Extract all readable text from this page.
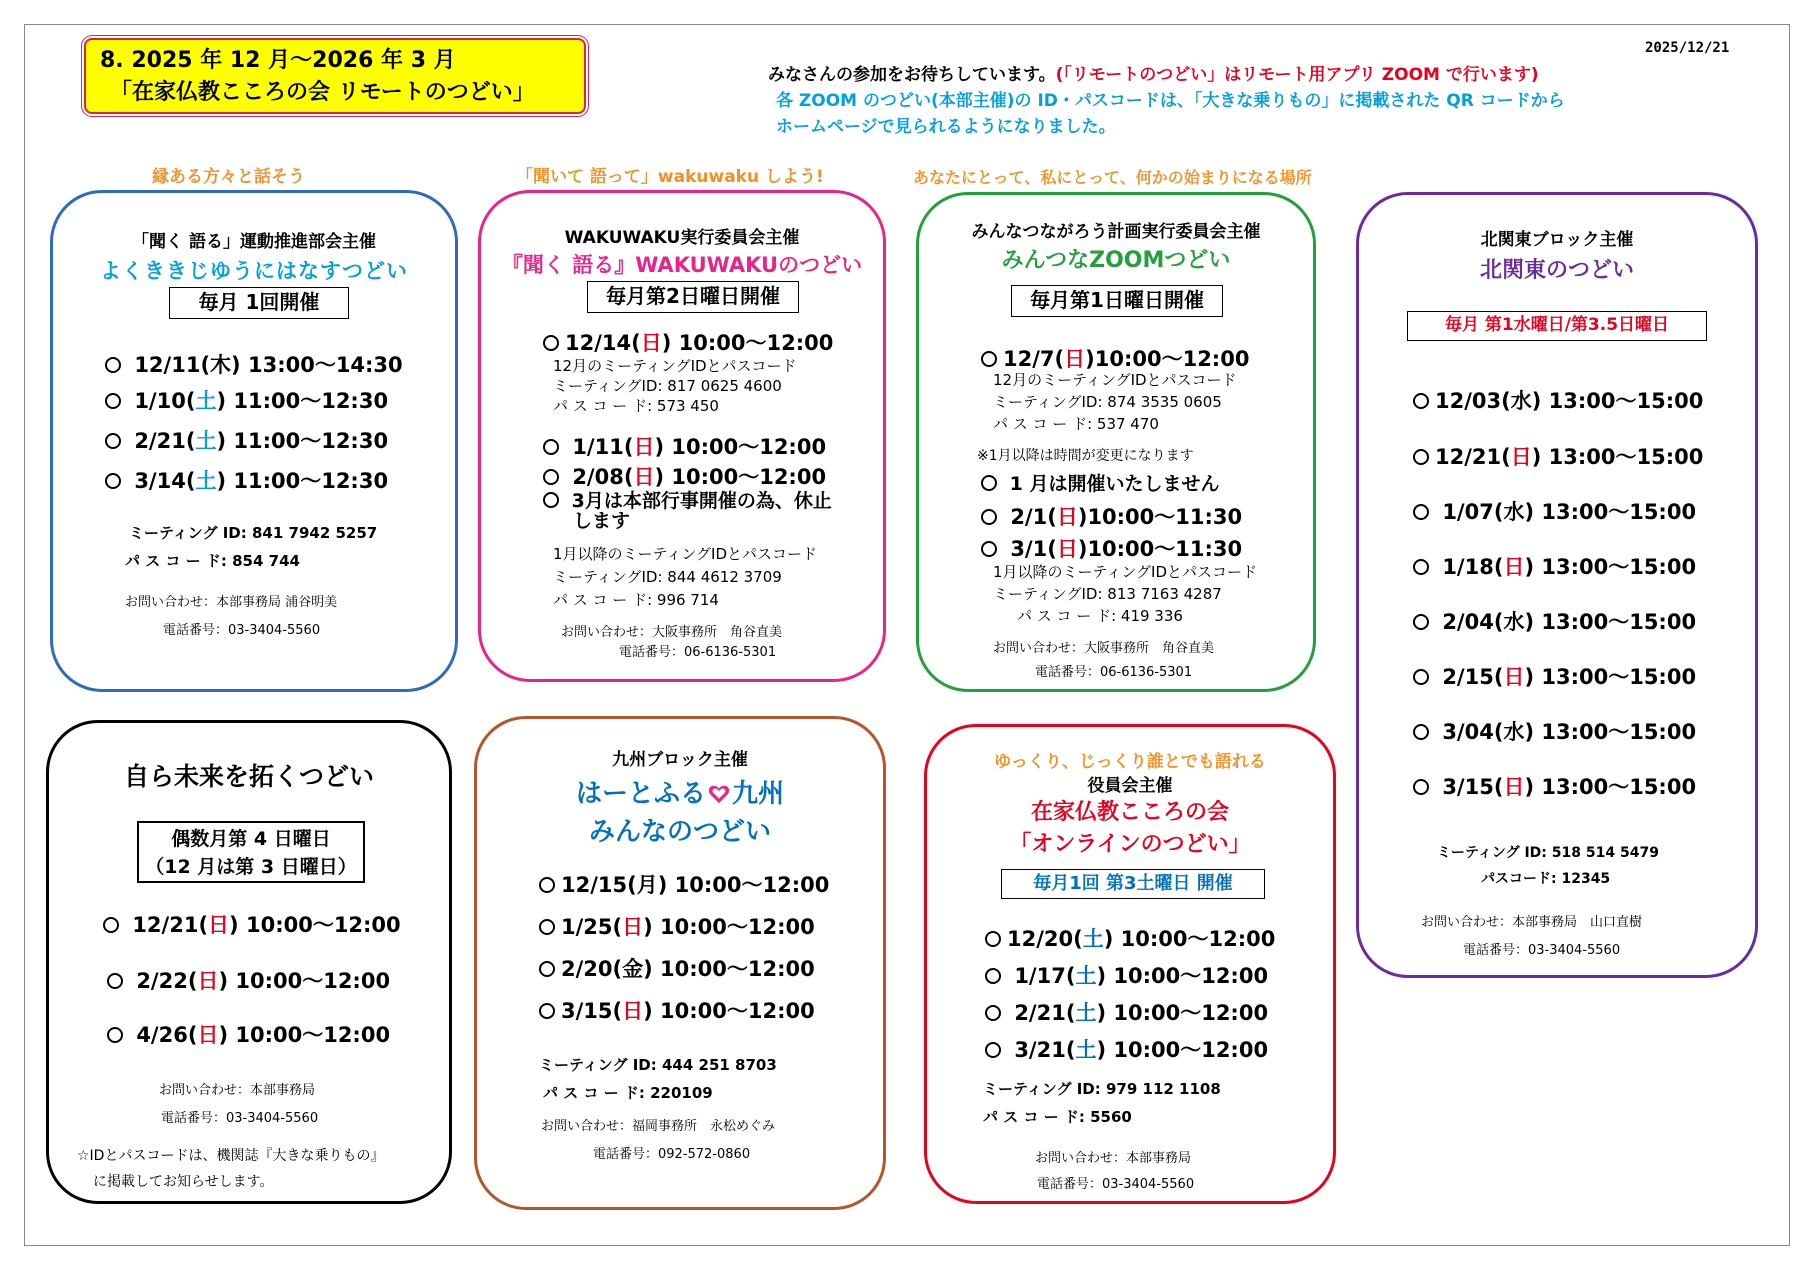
2025/12/21
8. 2025 年 12 月～2026 年 3 月
「在家仏教こころの会 リモートのつどい」
みなさんの参加をお待ちしています。(「リモートのつどい」はリモート用アプリ ZOOM で行います)
各 ZOOM のつどい(本部主催)の ID・パスコードは、「大きな乗りもの」に掲載された QR コードから
ホームページで見られるようになりました。
縁ある方々と話そう	「聞いて 語って」wakuwaku しよう!	あなたにとって、私にとって、何かの始まりになる場所
「聞く 語る」運動推進部会主催
よくききじゆうにはなすつどい
毎月 1回開催
12/11(木) 13:00～14:30
1/10(土) 11:00～12:30
2/21(土) 11:00～12:30
3/14(土) 11:00～12:30
ミーティング ID: 841 7942 5257
パ ス コ ー ド: 854 744
お問い合わせ：本部事務局 浦谷明美
電話番号：03-3404-5560
WAKUWAKU実行委員会主催
『聞く 語る』WAKUWAKUのつどい
毎月第2日曜日開催
12/14(日) 10:00～12:00
12月のミーティングIDとパスコード
ミーティングID: 817 0625 4600
パ ス コ ー ド: 573 450
1/11(日) 10:00～12:00
2/08(日) 10:00～12:00
3月は本部行事開催の為、休止
します
1月以降のミーティングIDとパスコード
ミーティングID: 844 4612 3709
パ ス コ ー ド: 996 714
お問い合わせ：大阪事務所　角谷直美
電話番号：06-6136-5301
みんなつながろう計画実行委員会主催
みんつなZOOMつどい
毎月第1日曜日開催
12/7(日)10:00～12:00
12月のミーティングIDとパスコード
ミーティングID: 874 3535 0605
パ ス コ ー ド: 537 470
※1月以降は時間が変更になります
1 月は開催いたしません
2/1(日)10:00～11:30
3/1(日)10:00～11:30
1月以降のミーティングIDとパスコード
ミーティングID: 813 7163 4287
パ ス コ ー ド: 419 336
お問い合わせ：大阪事務所　角谷直美
電話番号：06-6136-5301
北関東ブロック主催
北関東のつどい
毎月 第1水曜日/第3.5日曜日
12/03(水) 13:00～15:00
12/21(日) 13:00～15:00
1/07(水) 13:00～15:00
1/18(日) 13:00～15:00
2/04(水) 13:00～15:00
2/15(日) 13:00～15:00
3/04(水) 13:00～15:00
3/15(日) 13:00～15:00
ミーティング ID: 518 514 5479
パスコード: 12345
お問い合わせ：本部事務局　山口直樹
電話番号：03-3404-5560
自ら未来を拓くつどい
偶数月第 4 日曜日
（12 月は第 3 日曜日）
12/21(日) 10:00～12:00
2/22(日) 10:00～12:00
4/26(日) 10:00～12:00
お問い合わせ：本部事務局
電話番号：03-3404-5560
☆IDとパスコードは、機関誌『大きな乗りもの』
に掲載してお知らせします。
九州ブロック主催
はーとふる 九州
みんなのつどい
12/15(月) 10:00～12:00
1/25(日) 10:00～12:00
2/20(金) 10:00～12:00
3/15(日) 10:00～12:00
ミーティング ID: 444 251 8703
パ ス コ ー ド: 220109
お問い合わせ：福岡事務所　永松めぐみ
電話番号：092-572-0860
ゆっくり、じっくり誰とでも語れる
役員会主催
在家仏教こころの会
「オンラインのつどい」
毎月1回 第3土曜日 開催
12/20(土) 10:00～12:00
1/17(土) 10:00～12:00
2/21(土) 10:00～12:00
3/21(土) 10:00～12:00
ミーティング ID: 979 112 1108
パ ス コ ー ド: 5560
お問い合わせ：本部事務局
電話番号：03-3404-5560
